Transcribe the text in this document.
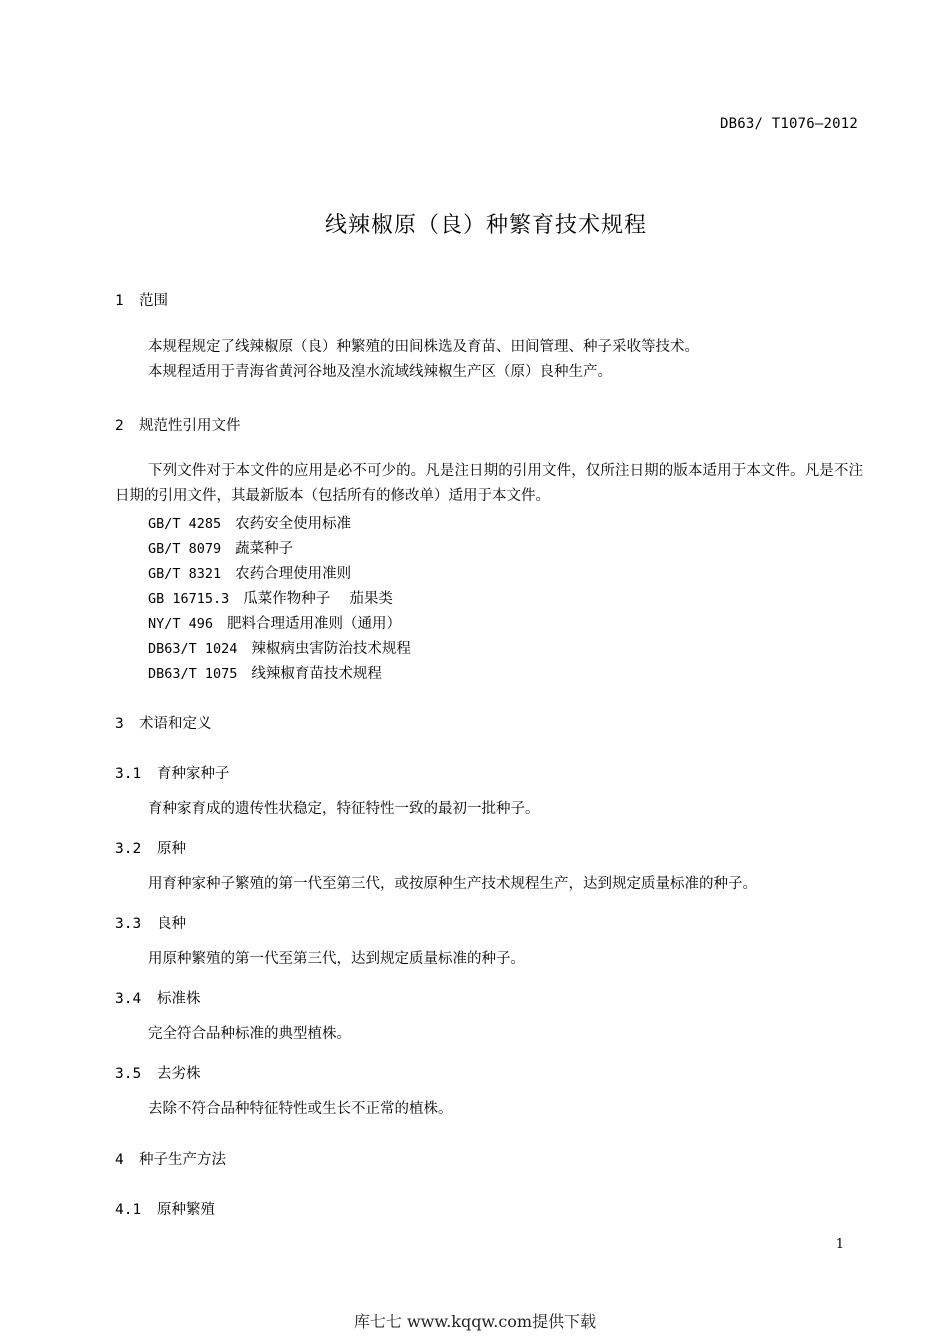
DB63/ T1076—2012
线辣椒原（良）种繁育技术规程
1 范围
本规程规定了线辣椒原（良）种繁殖的田间株选及育苗、田间管理、种子采收等技术。
本规程适用于青海省黄河谷地及湟水流域线辣椒生产区（原）良种生产。
2 规范性引用文件
下列文件对于本文件的应用是必不可少的。凡是注日期的引用文件，仅所注日期的版本适用于本文件。凡是不注日期的引用文件，其最新版本（包括所有的修改单）适用于本文件。
GB/T 4285 农药安全使用标准
GB/T 8079 蔬菜种子
GB/T 8321 农药合理使用准则
GB 16715.3 瓜菜作物种子　 茄果类
NY/T 496 肥料合理适用准则（通用）
DB63/T 1024 辣椒病虫害防治技术规程
DB63/T 1075 线辣椒育苗技术规程
3 术语和定义
3.1 育种家种子
育种家育成的遗传性状稳定，特征特性一致的最初一批种子。
3.2 原种
用育种家种子繁殖的第一代至第三代，或按原种生产技术规程生产，达到规定质量标准的种子。
3.3 良种
用原种繁殖的第一代至第三代，达到规定质量标准的种子。
3.4 标准株
完全符合品种标准的典型植株。
3.5 去劣株
去除不符合品种特征特性或生长不正常的植株。
4 种子生产方法
4.1 原种繁殖
1
库七七 www.kqqw.com提供下载
